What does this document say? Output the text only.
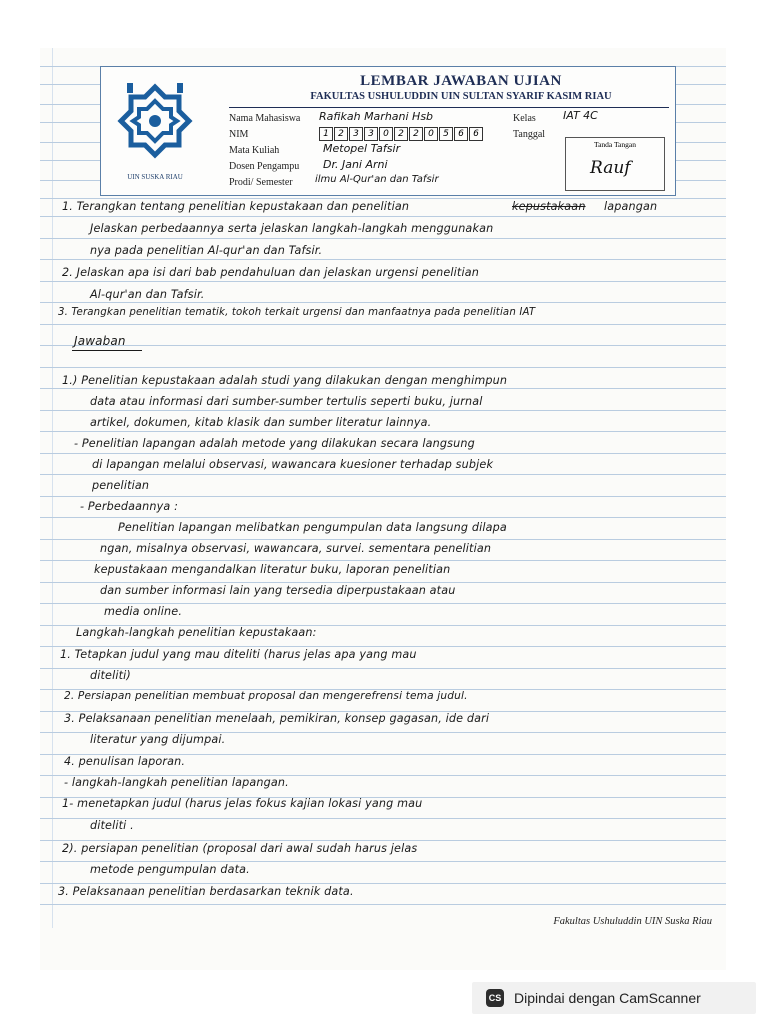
UIN SUSKA RIAU
LEMBAR JAWABAN UJIAN
FAKULTAS USHULUDDIN UIN SULTAN SYARIF KASIM RIAU
Nama Mahasiswa Rafikah Marhani Hsb
NIM	1	2	3	3	0	2	2	0	5	6	6
Mata Kuliah	Metopel Tafsir
Dosen Pengampu Dr. Jani Arni
Prodi/ Semester ilmu Al-Qur'an dan Tafsir
Kelas IAT 4C
Tanggal
Tanda Tangan
Rauf
1. Terangkan tentang penelitian kepustakaan dan penelitian	kepustakaan lapangan
Jelaskan perbedaannya serta jelaskan langkah-langkah menggunakan
nya pada penelitian Al-qur'an dan Tafsir.
2. Jelaskan apa isi dari bab pendahuluan dan jelaskan urgensi penelitian
Al-qur'an dan Tafsir.
3. Terangkan penelitian tematik, tokoh terkait urgensi dan manfaatnya pada penelitian IAT
Jawaban
1.) Penelitian kepustakaan adalah studi yang dilakukan dengan menghimpun
data atau informasi dari sumber-sumber tertulis seperti buku, jurnal
artikel, dokumen, kitab klasik dan sumber literatur lainnya.
- Penelitian lapangan adalah metode yang dilakukan secara langsung
di lapangan melalui observasi, wawancara kuesioner terhadap subjek
penelitian
- Perbedaannya :
Penelitian lapangan melibatkan pengumpulan data langsung dilapa
ngan, misalnya observasi, wawancara, survei. sementara penelitian
kepustakaan mengandalkan literatur buku, laporan penelitian
dan sumber informasi lain yang tersedia diperpustakaan atau
media online.
Langkah-langkah penelitian kepustakaan:
1. Tetapkan judul yang mau diteliti (harus jelas apa yang mau
diteliti)
2. Persiapan penelitian membuat proposal dan mengerefrensi tema judul.
3. Pelaksanaan penelitian menelaah, pemikiran, konsep gagasan, ide dari
literatur yang dijumpai.
4. penulisan laporan.
- langkah-langkah penelitian lapangan.
1- menetapkan judul (harus jelas fokus kajian lokasi yang mau
diteliti .
2). persiapan penelitian (proposal dari awal sudah harus jelas
metode pengumpulan data.
3. Pelaksanaan penelitian berdasarkan teknik data.
Fakultas Ushuluddin UIN Suska Riau
CS Dipindai dengan CamScanner
